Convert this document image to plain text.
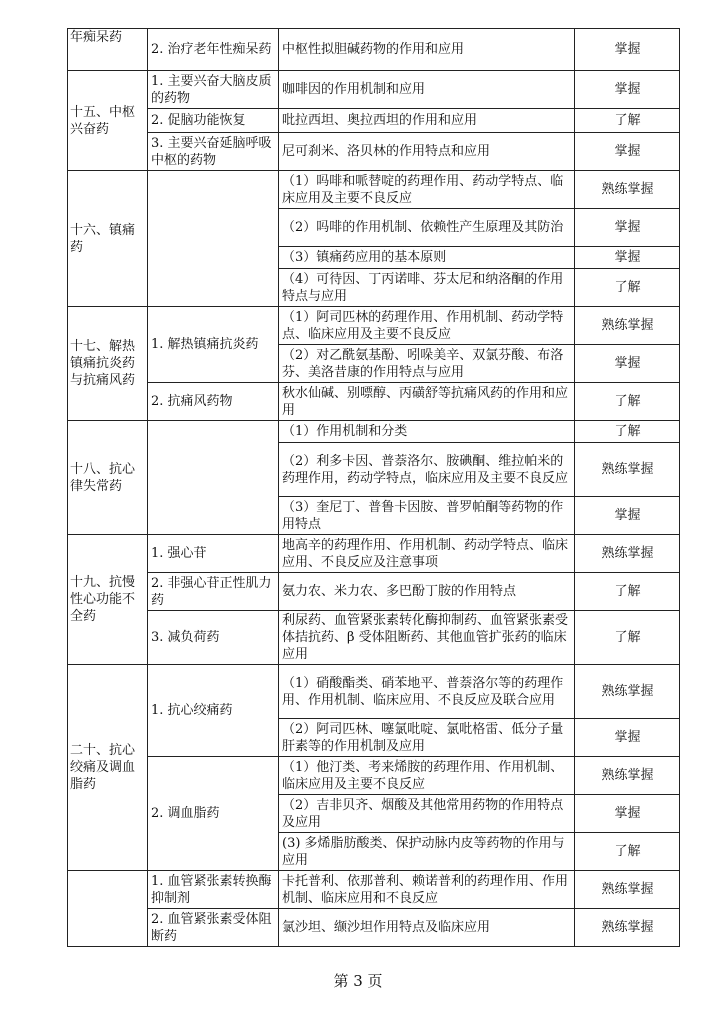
年痴呆药	2. 治疗老年性痴呆药	中枢性拟胆碱药物的作用和应用	掌握
十五、中枢兴奋药	1. 主要兴奋大脑皮质的药物	咖啡因的作用机制和应用	掌握
	2. 促脑功能恢复	吡拉西坦、奥拉西坦的作用和应用	了解
	3. 主要兴奋延脑呼吸中枢的药物	尼可刹米、洛贝林的作用特点和应用	掌握
十六、镇痛药		（1）吗啡和哌替啶的药理作用、药动学特点、临床应用及主要不良反应	熟练掌握
		（2）吗啡的作用机制、依赖性产生原理及其防治	掌握
		（3）镇痛药应用的基本原则	掌握
		（4）可待因、丁丙诺啡、芬太尼和纳洛酮的作用特点与应用	了解
十七、解热镇痛抗炎药与抗痛风药	1. 解热镇痛抗炎药	（1）阿司匹林的药理作用、作用机制、药动学特点、临床应用及主要不良反应	熟练掌握
		（2）对乙酰氨基酚、吲哚美辛、双氯芬酸、布洛芬、美洛昔康的作用特点与应用	掌握
	2. 抗痛风药物	秋水仙碱、别嘌醇、丙磺舒等抗痛风药的作用和应用	了解
十八、抗心律失常药		（1）作用机制和分类	了解
		（2）利多卡因、普萘洛尔、胺碘酮、维拉帕米的药理作用，药动学特点，临床应用及主要不良反应	熟练掌握
		（3）奎尼丁、普鲁卡因胺、普罗帕酮等药物的作用特点	掌握
十九、抗慢性心功能不全药	1. 强心苷	地高辛的药理作用、作用机制、药动学特点、临床应用、不良反应及注意事项	熟练掌握
	2. 非强心苷正性肌力药	氨力农、米力农、多巴酚丁胺的作用特点	了解
	3. 减负荷药	利尿药、血管紧张素转化酶抑制药、血管紧张素受体拮抗药、β 受体阻断药、其他血管扩张药的临床应用	了解
二十、抗心绞痛及调血脂药	1. 抗心绞痛药	（1）硝酸酯类、硝苯地平、普萘洛尔等的药理作用、作用机制、临床应用、不良反应及联合应用	熟练掌握
		（2）阿司匹林、噻氯吡啶、氯吡格雷、低分子量肝素等的作用机制及应用	掌握
	2. 调血脂药	（1）他汀类、考来烯胺的药理作用、作用机制、临床应用及主要不良反应	熟练掌握
		（2）吉非贝齐、烟酸及其他常用药物的作用特点及应用	掌握
		(3) 多烯脂肪酸类、保护动脉内皮等药物的作用与应用	了解
	1. 血管紧张素转换酶抑制剂	卡托普利、依那普利、赖诺普利的药理作用、作用机制、临床应用和不良反应	熟练掌握
	2. 血管紧张素受体阻断药	氯沙坦、缬沙坦作用特点及临床应用	熟练掌握
第 3 页
